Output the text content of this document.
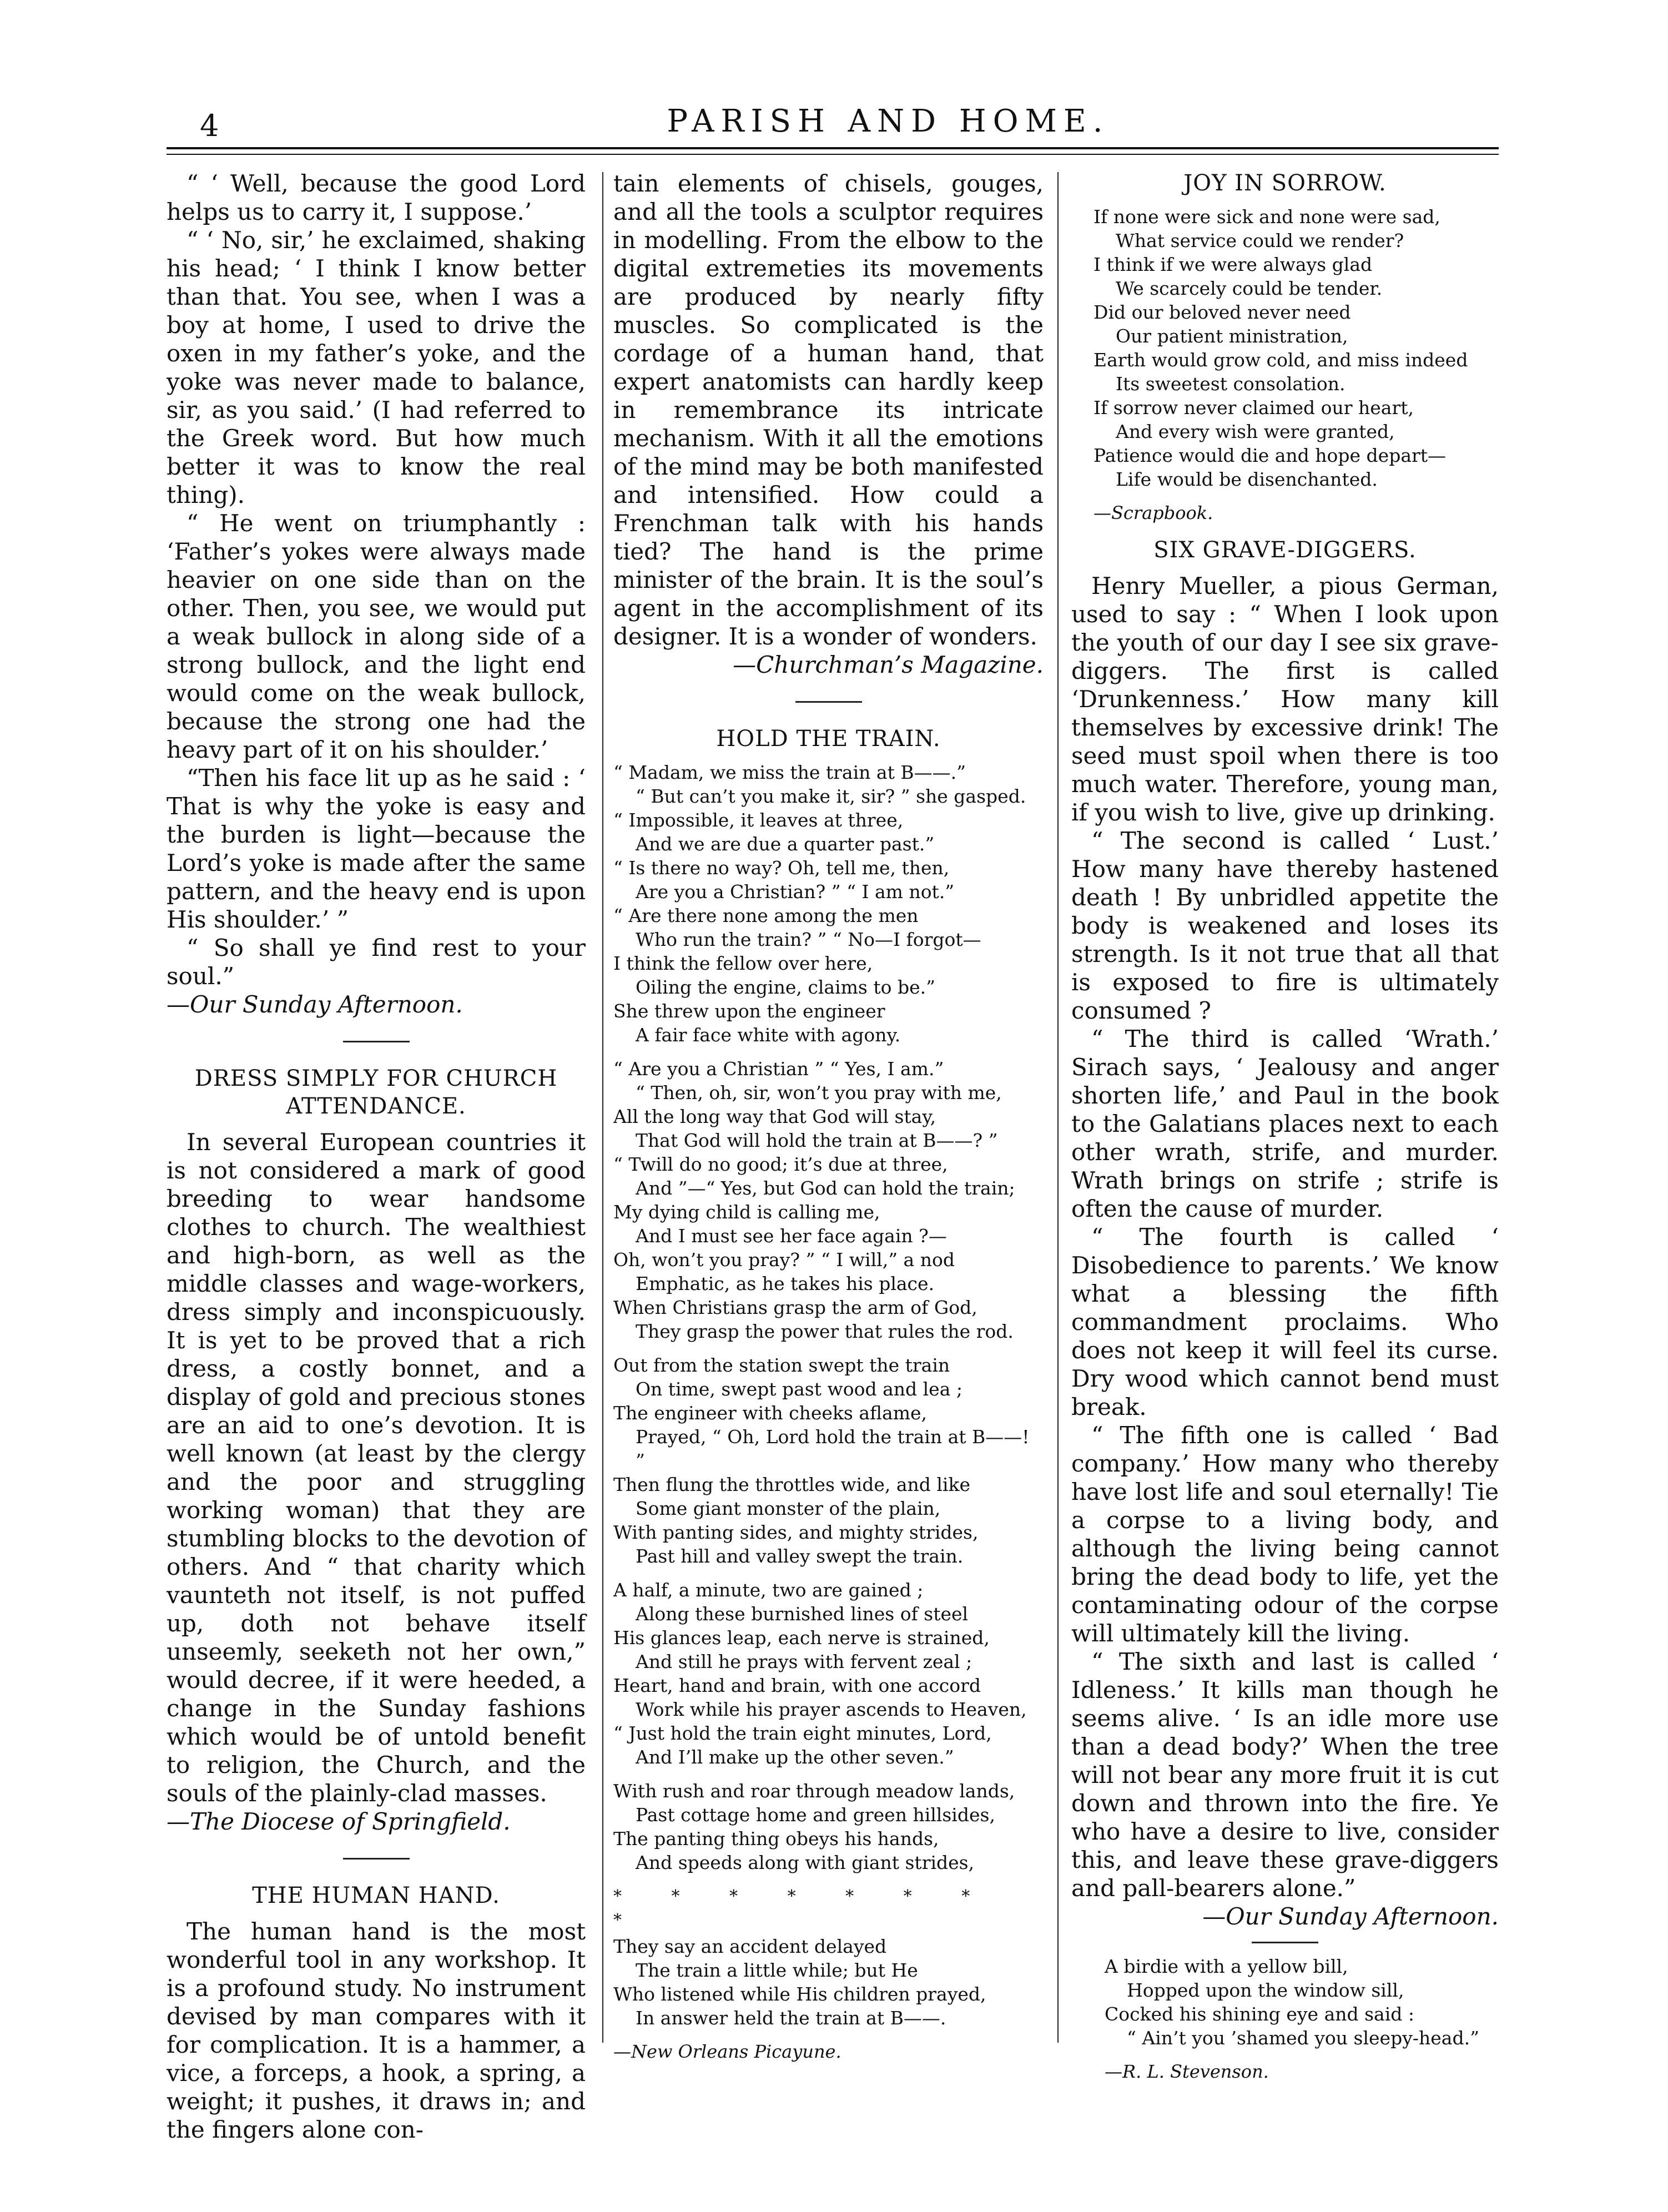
4	PARISH AND HOME.

“ ‘ Well, because the good Lord helps us to carry it, I suppose.’

“ ‘ No, sir,’ he exclaimed, shaking his head; ‘ I think I know better than that. You see, when I was a boy at home, I used to drive the oxen in my father’s yoke, and the yoke was never made to balance, sir, as you said.’ (I had referred to the Greek word. But how much better it was to know the real thing).

“ He went on triumphantly : ‘Father’s yokes were always made heavier on one side than on the other. Then, you see, we would put a weak bullock in along side of a strong bullock, and the light end would come on the weak bullock, because the strong one had the heavy part of it on his shoulder.’

“Then his face lit up as he said : ‘ That is why the yoke is easy and the burden is light—because the Lord’s yoke is made after the same pattern, and the heavy end is upon His shoulder.’ ”

“ So shall ye find rest to your soul.”

—Our Sunday Afternoon.

DRESS SIMPLY FOR CHURCH ATTENDANCE.

In several European countries it is not considered a mark of good breeding to wear handsome clothes to church. The wealthiest and high-born, as well as the middle classes and wage-workers, dress simply and inconspicuously. It is yet to be proved that a rich dress, a costly bonnet, and a display of gold and precious stones are an aid to one’s devotion. It is well known (at least by the clergy and the poor and struggling working woman) that they are stumbling blocks to the devotion of others. And “ that charity which vaunteth not itself, is not puffed up, doth not behave itself unseemly, seeketh not her own,” would decree, if it were heeded, a change in the Sunday fashions which would be of untold benefit to religion, the Church, and the souls of the plainly-clad masses.

—The Diocese of Springfield.

THE HUMAN HAND.

The human hand is the most wonderful tool in any workshop. It is a profound study. No instrument devised by man compares with it for complication. It is a hammer, a vice, a forceps, a hook, a spring, a weight; it pushes, it draws in; and the fingers alone con-

tain elements of chisels, gouges, and all the tools a sculptor requires in modelling. From the elbow to the digital extremeties its movements are produced by nearly fifty muscles. So complicated is the cordage of a human hand, that expert anatomists can hardly keep in remembrance its intricate mechanism. With it all the emotions of the mind may be both manifested and intensified. How could a Frenchman talk with his hands tied? The hand is the prime minister of the brain. It is the soul’s agent in the accomplishment of its designer. It is a wonder of wonders.

—Churchman’s Magazine.

HOLD THE TRAIN.
“ Madam, we miss the train at B——.”
“ But can’t you make it, sir? ” she gasped.
“ Impossible, it leaves at three,
And we are due a quarter past.”
“ Is there no way? Oh, tell me, then,
Are you a Christian? ” “ I am not.”
“ Are there none among the men
Who run the train? ” “ No—I forgot—
I think the fellow over here,
Oiling the engine, claims to be.”
She threw upon the engineer
A fair face white with agony.
“ Are you a Christian ” “ Yes, I am.”
“ Then, oh, sir, won’t you pray with me,
All the long way that God will stay,
That God will hold the train at B——? ”
“ Twill do no good; it’s due at three,
And ”—“ Yes, but God can hold the train;
My dying child is calling me,
And I must see her face again ?—
Oh, won’t you pray? ” “ I will,” a nod
Emphatic, as he takes his place.
When Christians grasp the arm of God,
They grasp the power that rules the rod.
Out from the station swept the train
On time, swept past wood and lea ;
The engineer with cheeks aflame,
Prayed, “ Oh, Lord hold the train at B——! ”
Then flung the throttles wide, and like
Some giant monster of the plain,
With panting sides, and mighty strides,
Past hill and valley swept the train.
A half, a minute, two are gained ;
Along these burnished lines of steel
His glances leap, each nerve is strained,
And still he prays with fervent zeal ;
Heart, hand and brain, with one accord
Work while his prayer ascends to Heaven,
“ Just hold the train eight minutes, Lord,
And I’ll make up the other seven.”
With rush and roar through meadow lands,
Past cottage home and green hillsides,
The panting thing obeys his hands,
And speeds along with giant strides,
* * * * * * * *
They say an accident delayed
The train a little while; but He
Who listened while His children prayed,
In answer held the train at B——.
—New Orleans Picayune.
JOY IN SORROW.
If none were sick and none were sad,
What service could we render?
I think if we were always glad
We scarcely could be tender.
Did our beloved never need
Our patient ministration,
Earth would grow cold, and miss indeed
Its sweetest consolation.
If sorrow never claimed our heart,
And every wish were granted,
Patience would die and hope depart—
Life would be disenchanted.
—Scrapbook.
SIX GRAVE-DIGGERS.

Henry Mueller, a pious German, used to say : “ When I look upon the youth of our day I see six grave-diggers. The first is called ‘Drunkenness.’ How many kill themselves by excessive drink! The seed must spoil when there is too much water. Therefore, young man, if you wish to live, give up drinking.

“ The second is called ‘ Lust.’ How many have thereby hastened death ! By unbridled appetite the body is weakened and loses its strength. Is it not true that all that is exposed to fire is ultimately consumed ?

“ The third is called ‘Wrath.’ Sirach says, ‘ Jealousy and anger shorten life,’ and Paul in the book to the Galatians places next to each other wrath, strife, and murder. Wrath brings on strife ; strife is often the cause of murder.

“ The fourth is called ‘ Disobedience to parents.’ We know what a blessing the fifth commandment proclaims. Who does not keep it will feel its curse. Dry wood which cannot bend must break.

“ The fifth one is called ‘ Bad company.’ How many who thereby have lost life and soul eternally! Tie a corpse to a living body, and although the living being cannot bring the dead body to life, yet the contaminating odour of the corpse will ultimately kill the living.

“ The sixth and last is called ‘ Idleness.’ It kills man though he seems alive. ‘ Is an idle more use than a dead body?’ When the tree will not bear any more fruit it is cut down and thrown into the fire. Ye who have a desire to live, consider this, and leave these grave-diggers and pall-bearers alone.”

—Our Sunday Afternoon.

A birdie with a yellow bill,
Hopped upon the window sill,
Cocked his shining eye and said :
“ Ain’t you ’shamed you sleepy-head.”
—R. L. Stevenson.
